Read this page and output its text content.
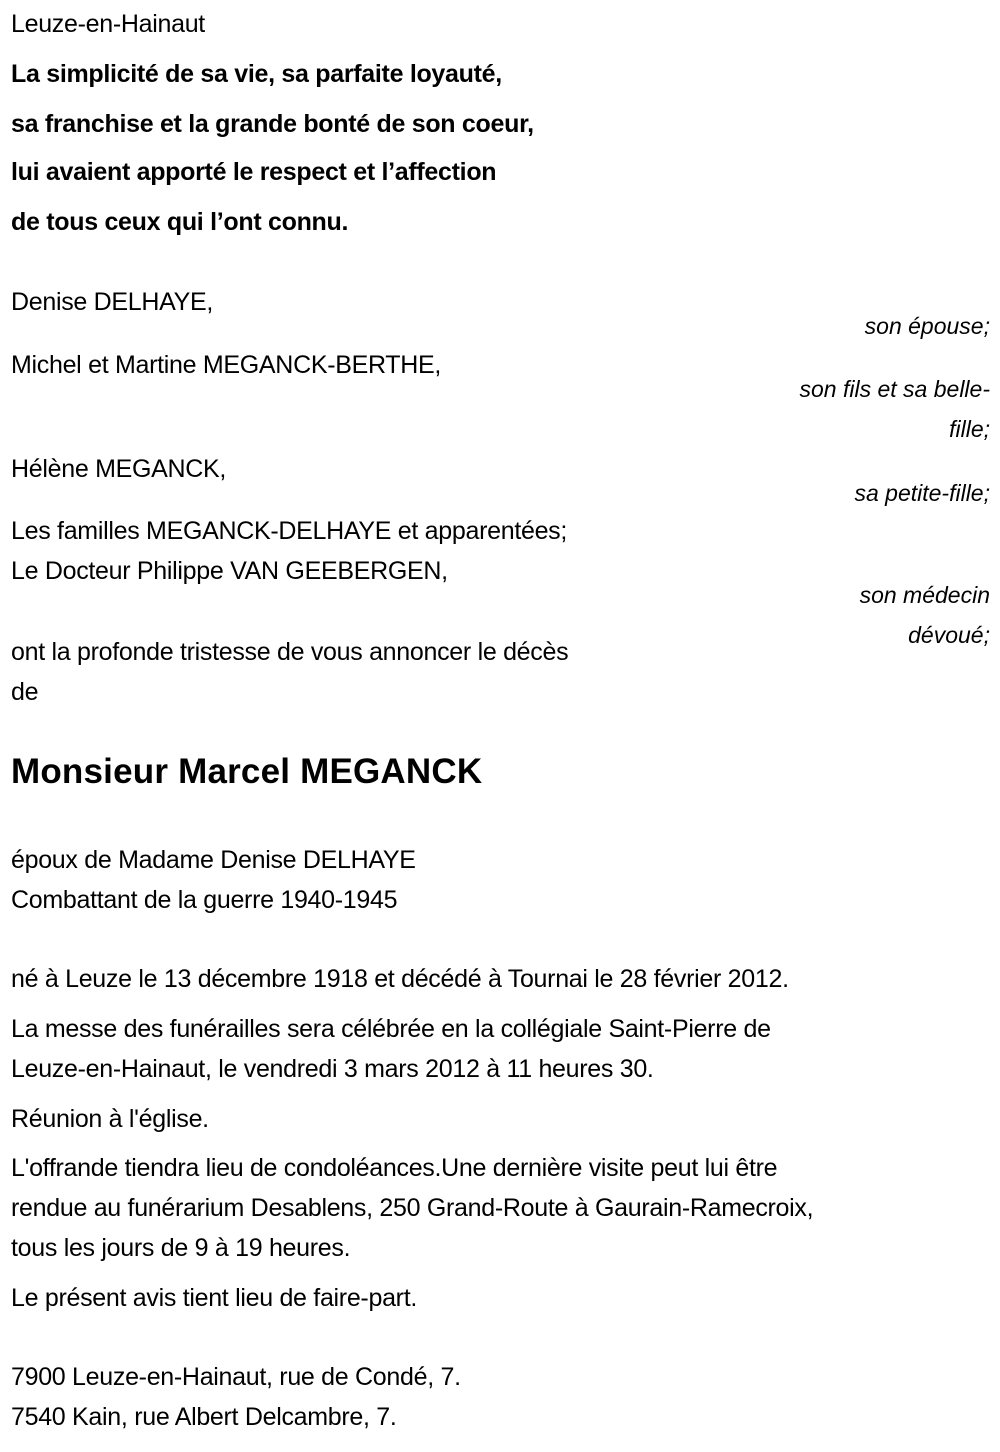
Leuze-en-Hainaut
La simplicité de sa vie, sa parfaite loyauté,
sa franchise et la grande bonté de son coeur,
lui avaient apporté le respect et l’affection
de tous ceux qui l’ont connu.
Denise DELHAYE,
son épouse;
Michel et Martine MEGANCK-BERTHE,
son fils et sa belle-
fille;
Hélène MEGANCK,
sa petite-fille;
Les familles MEGANCK-DELHAYE et apparentées;
Le Docteur Philippe VAN GEEBERGEN,
son médecin
dévoué;
ont la profonde tristesse de vous annoncer le décès
de
Monsieur Marcel MEGANCK
époux de Madame Denise DELHAYE
Combattant de la guerre 1940-1945
né à Leuze le 13 décembre 1918 et décédé à Tournai le 28 février 2012.
La messe des funérailles sera célébrée en la collégiale Saint-Pierre de
Leuze-en-Hainaut, le vendredi 3 mars 2012 à 11 heures 30.
Réunion à l'église.
L'offrande tiendra lieu de condoléances.Une dernière visite peut lui être
rendue au funérarium Desablens, 250 Grand-Route à Gaurain-Ramecroix,
tous les jours de 9 à 19 heures.
Le présent avis tient lieu de faire-part.
7900 Leuze-en-Hainaut, rue de Condé, 7.
7540 Kain, rue Albert Delcambre, 7.
